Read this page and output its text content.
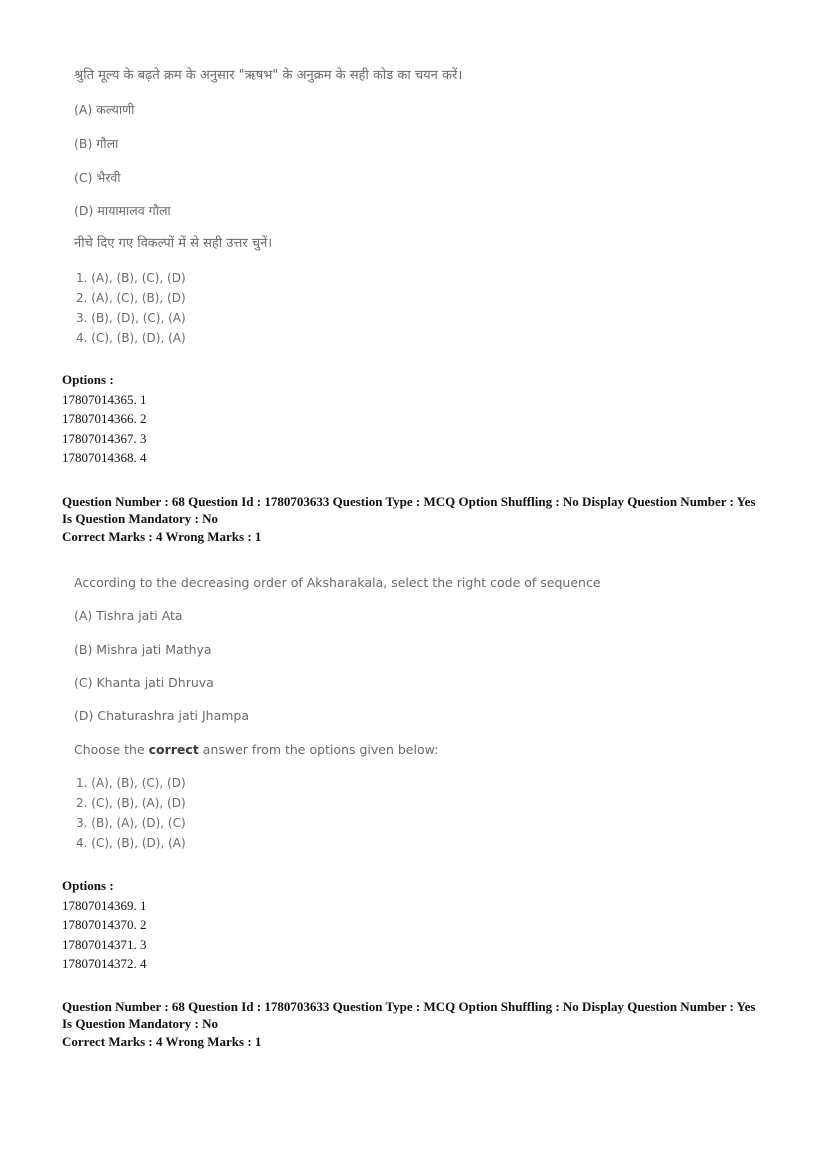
श्रुति मूल्य के बढ़ते क्रम के अनुसार "ऋषभ" के अनुक्रम के सही कोड का चयन करें।

(A) कल्याणी

(B) गौला

(C) भैरवी

(D) मायामालव गौला

नीचे दिए गए विकल्पों में से सही उत्तर चुनें।

1. (A), (B), (C), (D)

2. (A), (C), (B), (D)

3. (B), (D), (C), (A)

4. (C), (B), (D), (A)

Options :
17807014365. 1
17807014366. 2
17807014367. 3
17807014368. 4
Question Number : 68 Question Id : 1780703633 Question Type : MCQ Option Shuffling : No Display Question Number : Yes
Is Question Mandatory : No
Correct Marks : 4 Wrong Marks : 1

According to the decreasing order of Aksharakala, select the right code of sequence

(A) Tishra jati Ata

(B) Mishra jati Mathya

(C) Khanta jati Dhruva

(D) Chaturashra jati Jhampa

Choose the correct answer from the options given below:

1. (A), (B), (C), (D)

2. (C), (B), (A), (D)

3. (B), (A), (D), (C)

4. (C), (B), (D), (A)

Options :
17807014369. 1
17807014370. 2
17807014371. 3
17807014372. 4
Question Number : 68 Question Id : 1780703633 Question Type : MCQ Option Shuffling : No Display Question Number : Yes
Is Question Mandatory : No
Correct Marks : 4 Wrong Marks : 1
